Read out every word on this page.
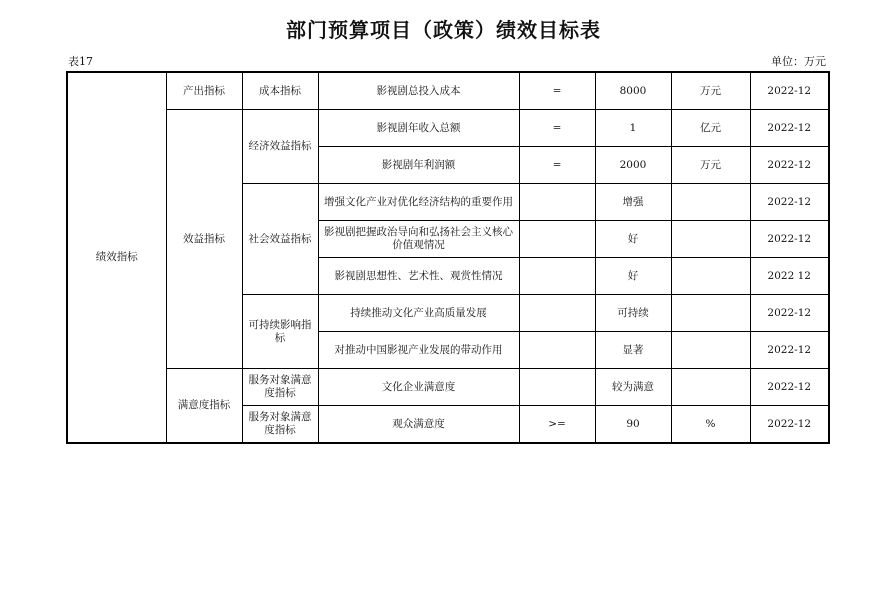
部门预算项目（政策）绩效目标表
表17	单位：万元
绩效指标	产出指标	成本指标	影视剧总投入成本	=	8000	万元	2022-12
	效益指标	经济效益指标	影视剧年收入总额	=	1	亿元	2022-12
			影视剧年利润额	=	2000	万元	2022-12
		社会效益指标	增强文化产业对优化经济结构的重要作用		增强		2022-12
			影视剧把握政治导向和弘扬社会主义核心价值观情况		好		2022-12
			影视剧思想性、艺术性、观赏性情况		好		2022 12
		可持续影响指标	持续推动文化产业高质量发展		可持续		2022-12
			对推动中国影视产业发展的带动作用		显著		2022-12
	满意度指标	服务对象满意度指标	文化企业满意度		较为满意		2022-12
		服务对象满意度指标	观众满意度	>=	90	%	2022-12
